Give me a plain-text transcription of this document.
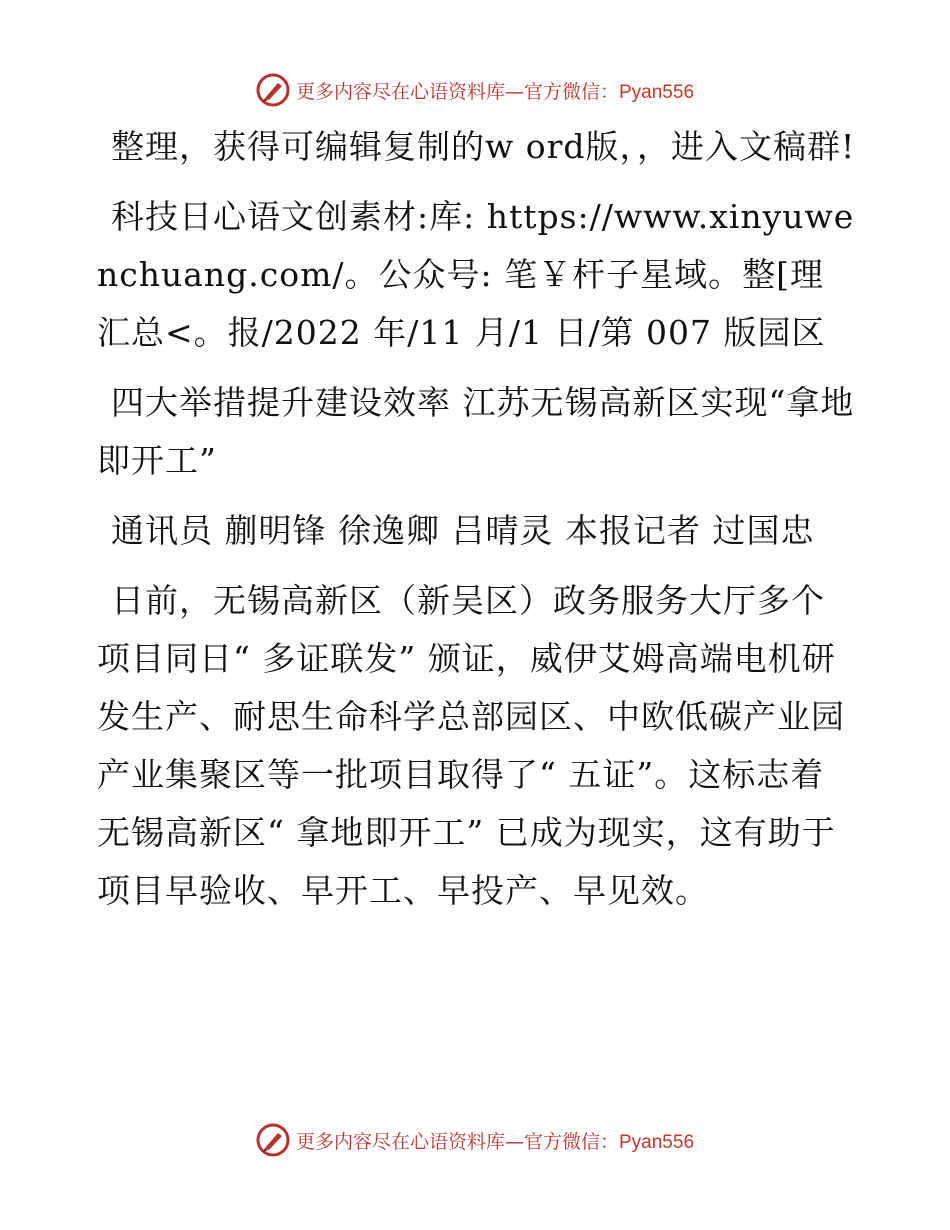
更多内容尽在心语资料库—官方微信：Pyan556

整理，获得可编辑复制的w ord版，，进入文稿群!

科技日心语文创素材:库: https://www.xinyuwenchuang.com/。公众号: 笔￥杆子星域。整[理汇总<。报/2022 年/11 月/1 日/第 007 版园区

四大举措提升建设效率 江苏无锡高新区实现“拿地即开工”

通讯员 蒯明锋 徐逸卿 吕晴灵 本报记者 过国忠

日前，无锡高新区（新吴区）政务服务大厅多个项目同日“ 多证联发” 颁证，威伊艾姆高端电机研发生产、耐思生命科学总部园区、中欧低碳产业园产业集聚区等一批项目取得了“ 五证”。这标志着无锡高新区“ 拿地即开工” 已成为现实，这有助于项目早验收、早开工、早投产、早见效。

更多内容尽在心语资料库—官方微信：Pyan556
